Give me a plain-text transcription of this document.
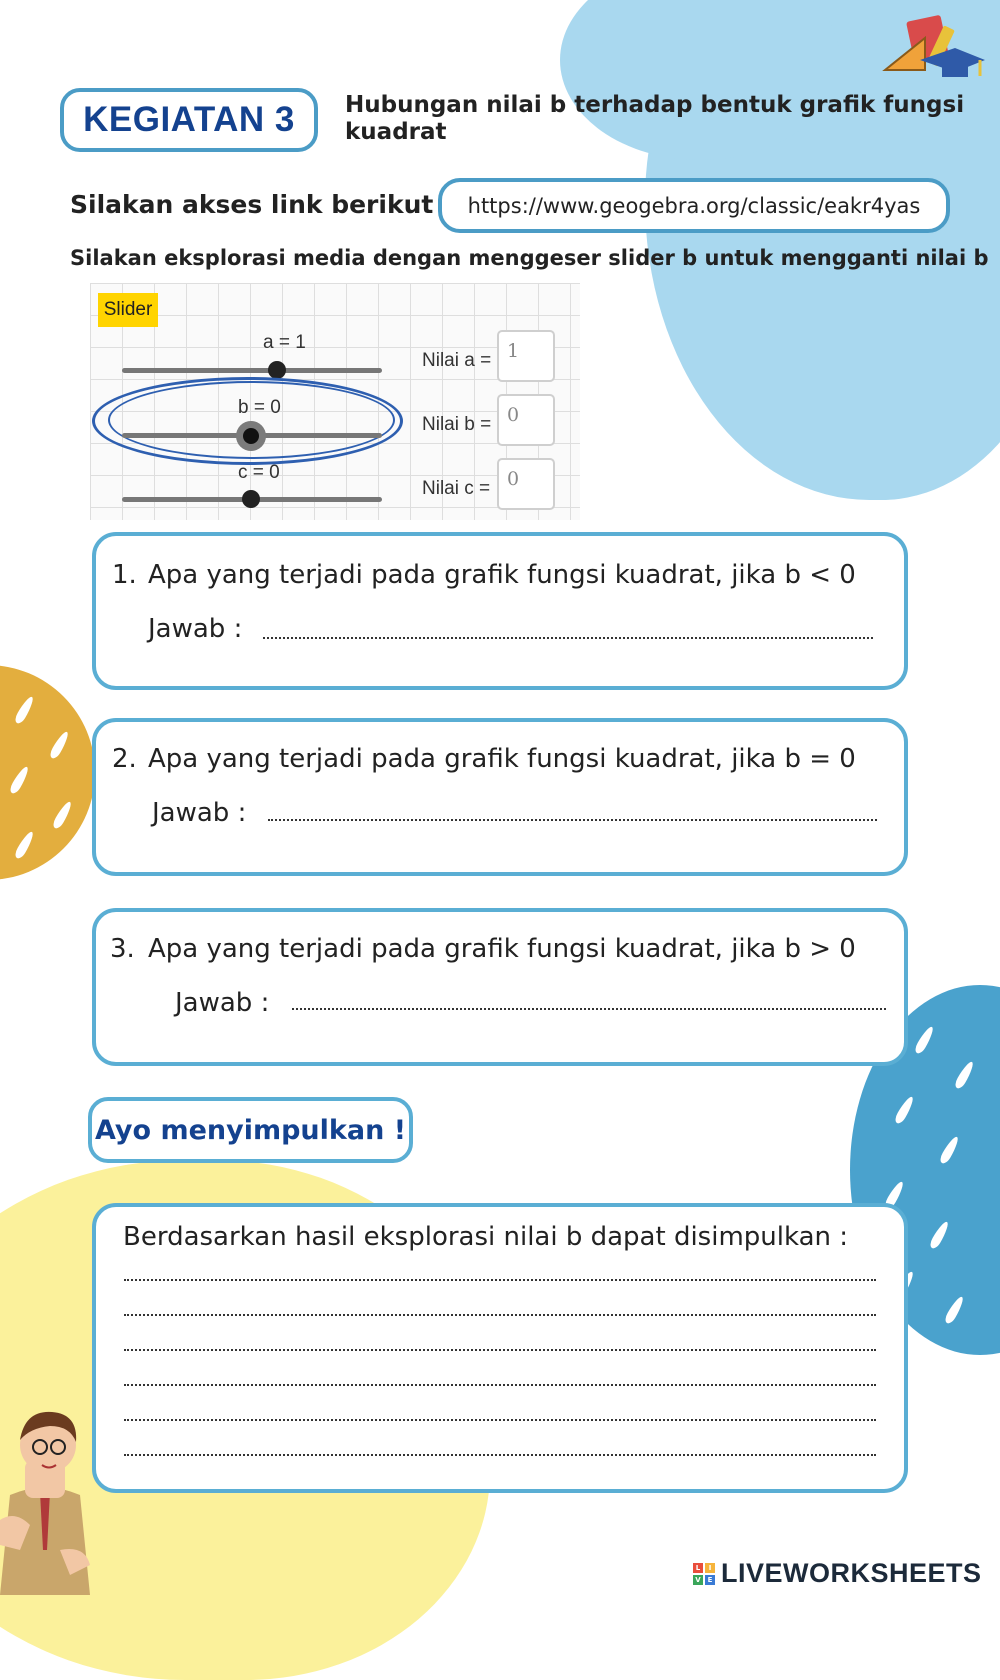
KEGIATAN 3 Hubungan nilai b terhadap bentuk grafik fungsi kuadrat
Silakan akses link berikut	https://www.geogebra.org/classic/eakr4yas
Silakan eksplorasi media dengan menggeser slider b untuk mengganti nilai b
Slider
a = 1
Nilai a = 1
b = 0
Nilai b = 0
c = 0
Nilai c = 0
1. Apa yang terjadi pada grafik fungsi kuadrat, jika b < 0
Jawab :
2. Apa yang terjadi pada grafik fungsi kuadrat, jika b = 0
Jawab :
3. Apa yang terjadi pada grafik fungsi kuadrat, jika b > 0
Jawab :
Ayo menyimpulkan !
Berdasarkan hasil eksplorasi nilai b dapat disimpulkan :
L	I
V E LIVEWORKSHEETS
